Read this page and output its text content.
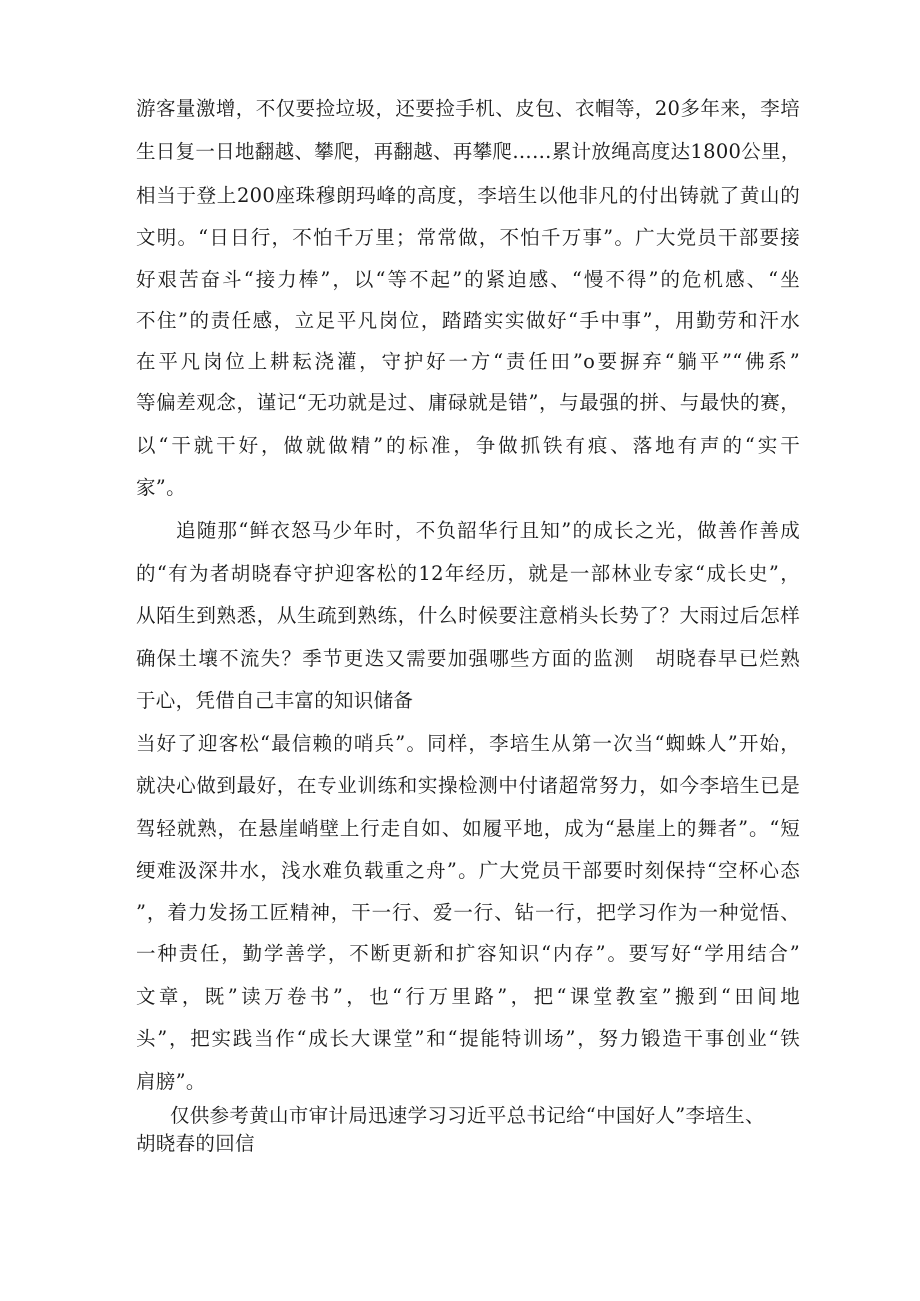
游客量激增，不仅要捡垃圾，还要捡手机、皮包、衣帽等，20多年来，李培
生日复一日地翻越、攀爬，再翻越、再攀爬……累计放绳高度达1800公里，
相当于登上200座珠穆朗玛峰的高度，李培生以他非凡的付出铸就了黄山的
文明。“日日行，不怕千万里；常常做，不怕千万事”。广大党员干部要接
好艰苦奋斗“接力棒”，以“等不起”的紧迫感、“慢不得”的危机感、“坐
不住”的责任感，立足平凡岗位，踏踏实实做好“手中事”，用勤劳和汗水
在平凡岗位上耕耘浇灌，守护好一方“责任田”o要摒弃“躺平”“佛系”
等偏差观念，谨记“无功就是过、庸碌就是错”，与最强的拼、与最快的赛，
以“干就干好，做就做精”的标准，争做抓铁有痕、落地有声的“实干
家”。
追随那“鲜衣怒马少年时，不负韶华行且知”的成长之光，做善作善成
的“有为者胡晓春守护迎客松的12年经历，就是一部林业专家“成长史”，
从陌生到熟悉，从生疏到熟练，什么时候要注意梢头长势了？大雨过后怎样
确保土壤不流失？季节更迭又需要加强哪些方面的监测　胡晓春早已烂熟
于心，凭借自己丰富的知识储备
当好了迎客松“最信赖的哨兵”。同样，李培生从第一次当“蜘蛛人”开始，
就决心做到最好，在专业训练和实操检测中付诸超常努力，如今李培生已是
驾轻就熟，在悬崖峭壁上行走自如、如履平地，成为“悬崖上的舞者”。“短
绠难汲深井水，浅水难负载重之舟”。广大党员干部要时刻保持“空杯心态
”，着力发扬工匠精神，干一行、爱一行、钻一行，把学习作为一种觉悟、
一种责任，勤学善学，不断更新和扩容知识“内存”。要写好“学用结合”
文章，既”读万卷书”，也“行万里路”，把“课堂教室”搬到“田间地
头”，把实践当作“成长大课堂”和“提能特训场”，努力锻造干事创业“铁
肩膀”。
仅供参考黄山市审计局迅速学习习近平总书记给“中国好人”李培生、
胡晓春的回信
